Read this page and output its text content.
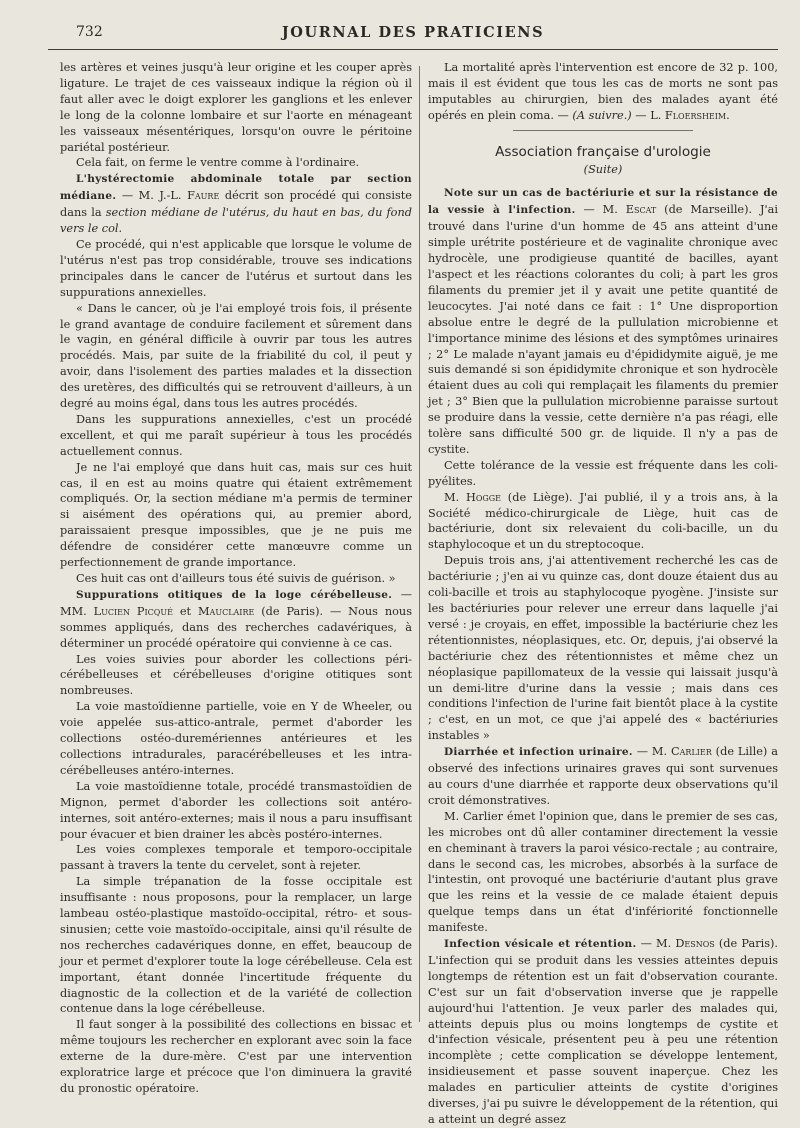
732	JOURNAL DES PRATICIENS

les artères et veines jusqu'à leur origine et les couper après ligature. Le trajet de ces vaisseaux indique la région où il faut aller avec le doigt explorer les ganglions et les enlever le long de la colonne lombaire et sur l'aorte en ménageant les vaisseaux mésentériques, lorsqu'on ouvre le péritoine pariétal postérieur.

Cela fait, on ferme le ventre comme à l'ordinaire.

L'hystérectomie abdominale totale par section médiane. — M. J.-L. Faure décrit son procédé qui consiste dans la section médiane de l'utérus, du haut en bas, du fond vers le col.

Ce procédé, qui n'est applicable que lorsque le volume de l'utérus n'est pas trop considérable, trouve ses indications principales dans le cancer de l'utérus et surtout dans les suppurations annexielles.

« Dans le cancer, où je l'ai employé trois fois, il présente le grand avantage de conduire facilement et sûrement dans le vagin, en général difficile à ouvrir par tous les autres procédés. Mais, par suite de la friabilité du col, il peut y avoir, dans l'isolement des parties malades et la dissection des uretères, des difficultés qui se retrouvent d'ailleurs, à un degré au moins égal, dans tous les autres procédés.

Dans les suppurations annexielles, c'est un procédé excellent, et qui me paraît supérieur à tous les procédés actuellement connus.

Je ne l'ai employé que dans huit cas, mais sur ces huit cas, il en est au moins quatre qui étaient extrêmement compliqués. Or, la section médiane m'a permis de terminer si aisément des opérations qui, au premier abord, paraissaient presque impossibles, que je ne puis me défendre de considérer cette manœuvre comme un perfectionnement de grande importance.

Ces huit cas ont d'ailleurs tous été suivis de guérison. »

Suppurations otitiques de la loge cérébelleuse. — MM. Lucien Picqué et Mauclaire (de Paris). — Nous nous sommes appliqués, dans des recherches cadavériques, à déterminer un procédé opératoire qui convienne à ce cas.

Les voies suivies pour aborder les collections péri-cérébelleuses et cérébelleuses d'origine otitiques sont nombreuses.

La voie mastoïdienne partielle, voie en Y de Wheeler, ou voie appelée sus-attico-antrale, permet d'aborder les collections ostéo-duremériennes antérieures et les collections intradurales, paracérébelleuses et les intra-cérébelleuses antéro-internes.

La voie mastoïdienne totale, procédé transmastoïdien de Mignon, permet d'aborder les collections soit antéro-internes, soit antéro-externes; mais il nous a paru insuffisant pour évacuer et bien drainer les abcès postéro-internes.

Les voies complexes temporale et temporo-occipitale passant à travers la tente du cervelet, sont à rejeter.

La simple trépanation de la fosse occipitale est insuffisante : nous proposons, pour la remplacer, un large lambeau ostéo-plastique mastoïdo-occipital, rétro- et sous-sinusien; cette voie mastoïdo-occipitale, ainsi qu'il résulte de nos recherches cadavériques donne, en effet, beaucoup de jour et permet d'explorer toute la loge cérébelleuse. Cela est important, étant donnée l'incertitude fréquente du diagnostic de la collection et de la variété de collection contenue dans la loge cérébelleuse.

Il faut songer à la possibilité des collections en bissac et même toujours les rechercher en explorant avec soin la face externe de la dure-mère. C'est par une intervention exploratrice large et précoce que l'on diminuera la gravité du pronostic opératoire.

La mortalité après l'intervention est encore de 32 p. 100, mais il est évident que tous les cas de morts ne sont pas imputables au chirurgien, bien des malades ayant été opérés en plein coma. — (A suivre.) — L. Floersheim.

Association française d'urologie
(Suite)

Note sur un cas de bactériurie et sur la résistance de la vessie à l'infection. — M. Escat (de Marseille). J'ai trouvé dans l'urine d'un homme de 45 ans atteint d'une simple urétrite postérieure et de vaginalite chronique avec hydrocèle, une prodigieuse quantité de bacilles, ayant l'aspect et les réactions colorantes du coli; à part les gros filaments du premier jet il y avait une petite quantité de leucocytes. J'ai noté dans ce fait : 1° Une disproportion absolue entre le degré de la pullulation microbienne et l'importance minime des lésions et des symptômes urinaires ; 2° Le malade n'ayant jamais eu d'épididymite aiguë, je me suis demandé si son épididymite chronique et son hydrocèle étaient dues au coli qui remplaçait les filaments du premier jet ; 3° Bien que la pullulation microbienne paraisse surtout se produire dans la vessie, cette dernière n'a pas réagi, elle tolère sans difficulté 500 gr. de liquide. Il n'y a pas de cystite.

Cette tolérance de la vessie est fréquente dans les coli-pyélites.

M. Hogge (de Liège). J'ai publié, il y a trois ans, à la Société médico-chirurgicale de Liège, huit cas de bactériurie, dont six relevaient du coli-bacille, un du staphylocoque et un du streptocoque.

Depuis trois ans, j'ai attentivement recherché les cas de bactériurie ; j'en ai vu quinze cas, dont douze étaient dus au coli-bacille et trois au staphylocoque pyogène. J'insiste sur les bactériuries pour relever une erreur dans laquelle j'ai versé : je croyais, en effet, impossible la bactériurie chez les rétentionnistes, néoplasiques, etc. Or, depuis, j'ai observé la bactériurie chez des rétentionnistes et même chez un néoplasique papillomateux de la vessie qui laissait jusqu'à un demi-litre d'urine dans la vessie ; mais dans ces conditions l'infection de l'urine fait bientôt place à la cystite ; c'est, en un mot, ce que j'ai appelé des « bactériuries instables »

Diarrhée et infection urinaire. — M. Carlier (de Lille) a observé des infections urinaires graves qui sont survenues au cours d'une diarrhée et rapporte deux observations qu'il croit démonstratives.

M. Carlier émet l'opinion que, dans le premier de ses cas, les microbes ont dû aller contaminer directement la vessie en cheminant à travers la paroi vésico-rectale ; au contraire, dans le second cas, les microbes, absorbés à la surface de l'intestin, ont provoqué une bactériurie d'autant plus grave que les reins et la vessie de ce malade étaient depuis quelque temps dans un état d'infériorité fonctionnelle manifeste.

Infection vésicale et rétention. — M. Desnos (de Paris). L'infection qui se produit dans les vessies atteintes depuis longtemps de rétention est un fait d'observation courante. C'est sur un fait d'observation inverse que je rappelle aujourd'hui l'attention. Je veux parler des malades qui, atteints depuis plus ou moins longtemps de cystite et d'infection vésicale, présentent peu à peu une rétention incomplète ; cette complication se développe lentement, insidieusement et passe souvent inaperçue. Chez les malades en particulier atteints de cystite d'origines diverses, j'ai pu suivre le développement de la rétention, qui a atteint un degré assez
